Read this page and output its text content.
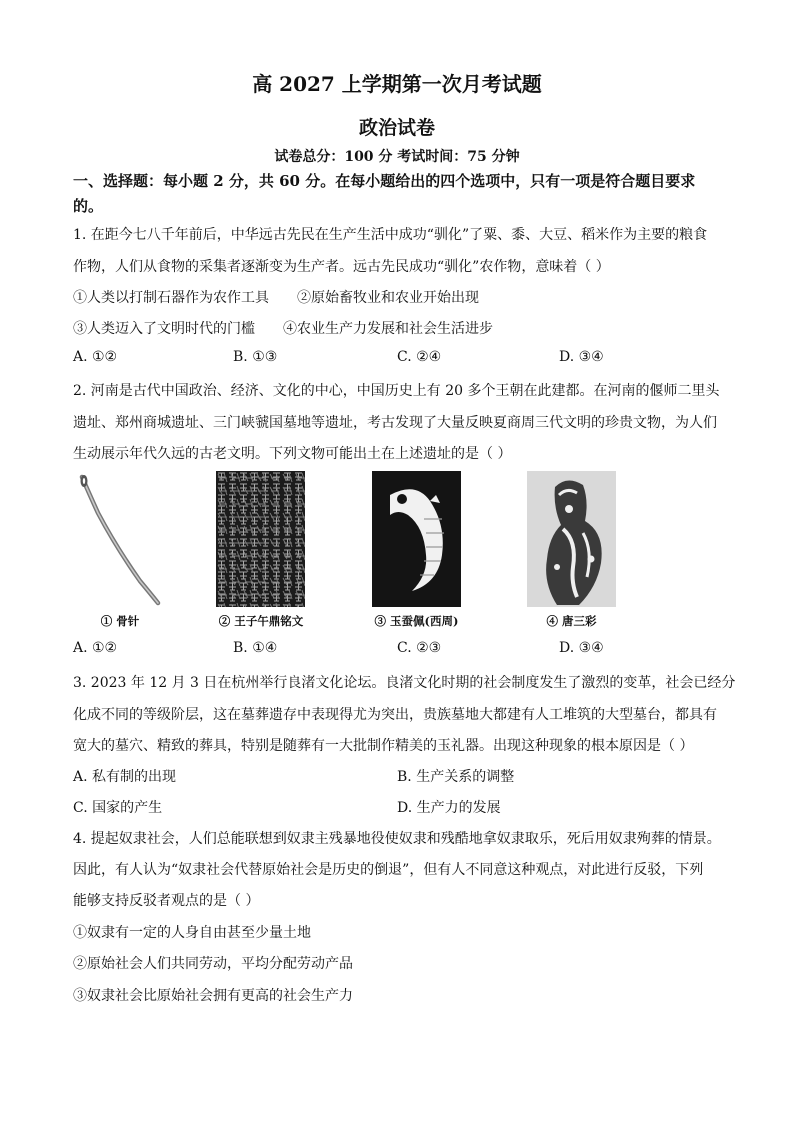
高 2027 上学期第一次月考试题
政治试卷
试卷总分：100 分 考试时间：75 分钟
一、选择题：每小题 2 分，共 60 分。在每小题给出的四个选项中，只有一项是符合题目要求
的。
1. 在距今七八千年前后，中华远古先民在生产生活中成功“驯化”了粟、黍、大豆、稻米作为主要的粮食
作物，人们从食物的采集者逐渐变为生产者。远古先民成功“驯化”农作物，意味着（ ）
①人类以打制石器作为农作工具 ②原始畜牧业和农业开始出现
③人类迈入了文明时代的门槛 ④农业生产力发展和社会生活进步
A. ①②	B. ①③	C. ②④	D. ③④
2. 河南是古代中国政治、经济、文化的中心，中国历史上有 20 多个王朝在此建都。在河南的偃师二里头
遗址、郑州商城遗址、三门峡虢国墓地等遗址，考古发现了大量反映夏商周三代文明的珍贵文物，为人们
生动展示年代久远的古老文明。下列文物可能出土在上述遗址的是（ ）
① 骨针	② 王子午鼎铭文	③ 玉蚕佩(西周)	④ 唐三彩
A. ①②	B. ①④	C. ②③	D. ③④
3. 2023 年 12 月 3 日在杭州举行良渚文化论坛。良渚文化时期的社会制度发生了激烈的变革，社会已经分
化成不同的等级阶层，这在墓葬遗存中表现得尤为突出，贵族墓地大都建有人工堆筑的大型墓台，都具有
宽大的墓穴、精致的葬具，特别是随葬有一大批制作精美的玉礼器。出现这种现象的根本原因是（ ）
A. 私有制的出现	B. 生产关系的调整
C. 国家的产生	D. 生产力的发展
4. 提起奴隶社会，人们总能联想到奴隶主残暴地役使奴隶和残酷地拿奴隶取乐，死后用奴隶殉葬的情景。
因此，有人认为“奴隶社会代替原始社会是历史的倒退”，但有人不同意这种观点，对此进行反驳，下列
能够支持反驳者观点的是（ ）
①奴隶有一定的人身自由甚至少量土地
②原始社会人们共同劳动，平均分配劳动产品
③奴隶社会比原始社会拥有更高的社会生产力
